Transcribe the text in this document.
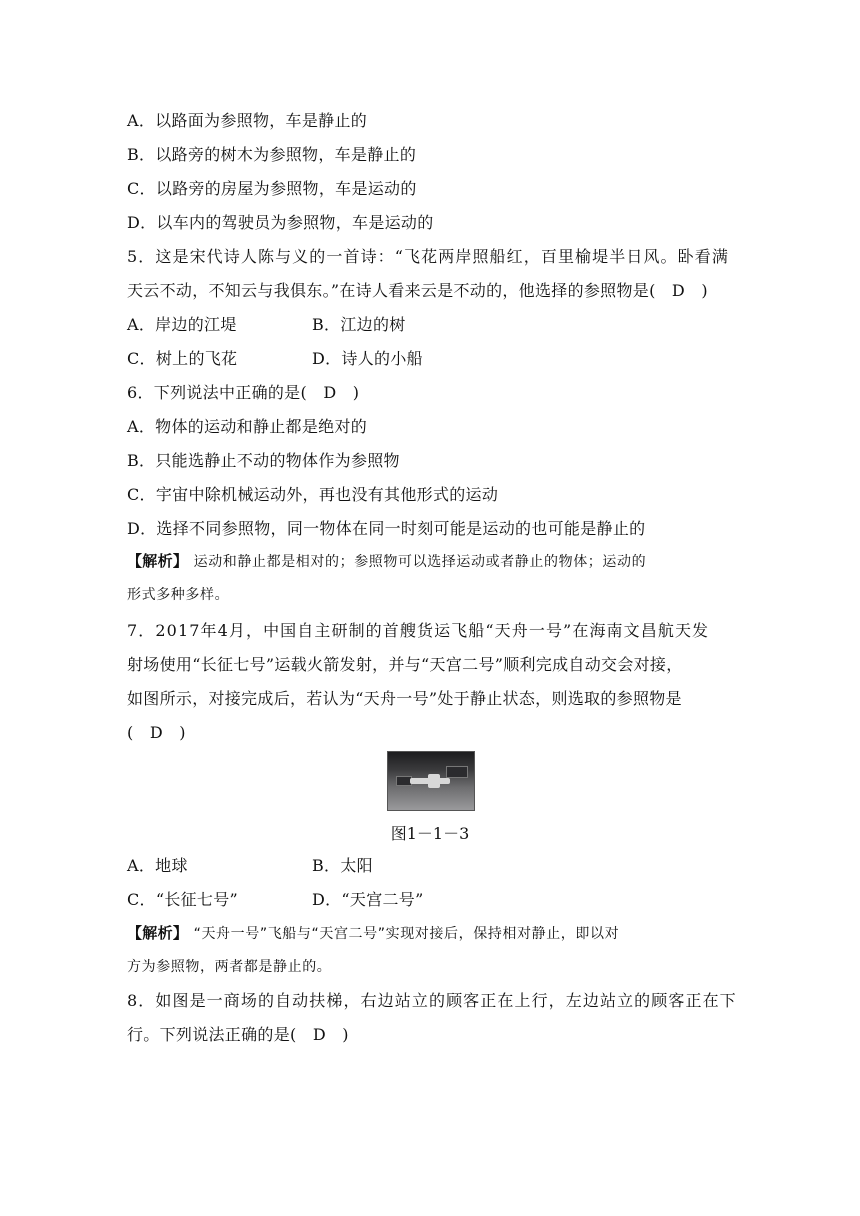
A．以路面为参照物，车是静止的
B．以路旁的树木为参照物，车是静止的
C．以路旁的房屋为参照物，车是运动的
D．以车内的驾驶员为参照物，车是运动的
5．这是宋代诗人陈与义的一首诗：“飞花两岸照船红，百里榆堤半日风。卧看满
天云不动，不知云与我俱东。”在诗人看来云是不动的，他选择的参照物是(　D　)
A．岸边的江堤	B．江边的树
C．树上的飞花	D．诗人的小船
6．下列说法中正确的是(　D　)
A．物体的运动和静止都是绝对的
B．只能选静止不动的物体作为参照物
C．宇宙中除机械运动外，再也没有其他形式的运动
D．选择不同参照物，同一物体在同一时刻可能是运动的也可能是静止的
【解析】 运动和静止都是相对的；参照物可以选择运动或者静止的物体；运动的
形式多种多样。
7．2017年4月，中国自主研制的首艘货运飞船“天舟一号”在海南文昌航天发
射场使用“长征七号”运载火箭发射，并与“天宫二号”顺利完成自动交会对接，
如图所示，对接完成后，若认为“天舟一号”处于静止状态，则选取的参照物是
(　D　)
图1－1－3
A．地球	B．太阳
C．“长征七号”	D．“天宫二号”
【解析】 “天舟一号”飞船与“天宫二号”实现对接后，保持相对静止，即以对
方为参照物，两者都是静止的。
8．如图是一商场的自动扶梯，右边站立的顾客正在上行，左边站立的顾客正在下
行。下列说法正确的是(　D　)
